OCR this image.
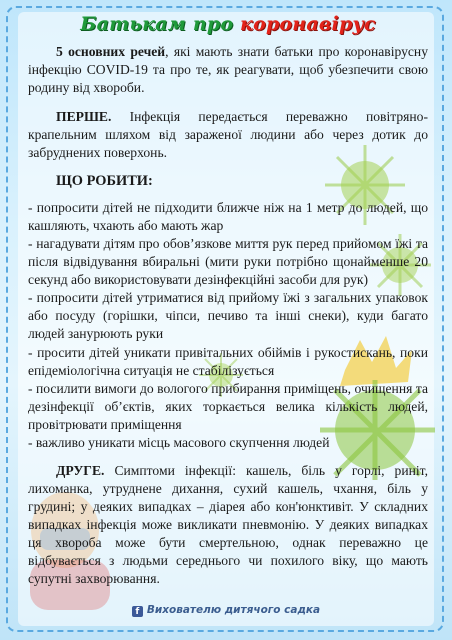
Батькам про коронавірус

5 основних речей, які мають знати батьки про коронавірусну інфекцію COVID-19 та про те, як реагувати, щоб убезпечити свою родину від хвороби.

ПЕРШЕ. Інфекція передається переважно повітряно-крапельним шляхом від зараженої людини або через дотик до забруднених поверхонь.

ЩО РОБИТИ:
- попросити дітей не підходити ближче ніж на 1 метр до людей, що кашляють, чхають або мають жар
- нагадувати дітям про обов’язкове миття рук перед прийомом їжі та після відвідування вбиральні (мити руки потрібно щонайменше 20 секунд або використовувати дезінфекційні засоби для рук)
- попросити дітей утриматися від прийому їжі з загальних упаковок або посуду (горішки, чіпси, печиво та інші снеки), куди багато людей занурюють руки
- просити дітей уникати привітальних обіймів і рукостискань, поки епідеміологічна ситуація не стабілізується
- посилити вимоги до вологого прибирання приміщень, очищення та дезінфекції об’єктів, яких торкається велика кількість людей, провітрювати приміщення
- важливо уникати місць масового скупчення людей

ДРУГЕ. Симптоми інфекції: кашель, біль у горлі, риніт, лихоманка, утруднене дихання, сухий кашель, чхання, біль у грудині; у деяких випадках – діарея або кон'юнктивіт. У складних випадках інфекція може викликати пневмонію. У деяких випадках ця хвороба може бути смертельною, однак переважно це відбувається з людьми середнього чи похилого віку, що мають супутні захворювання.

f Вихователю дитячого садка
